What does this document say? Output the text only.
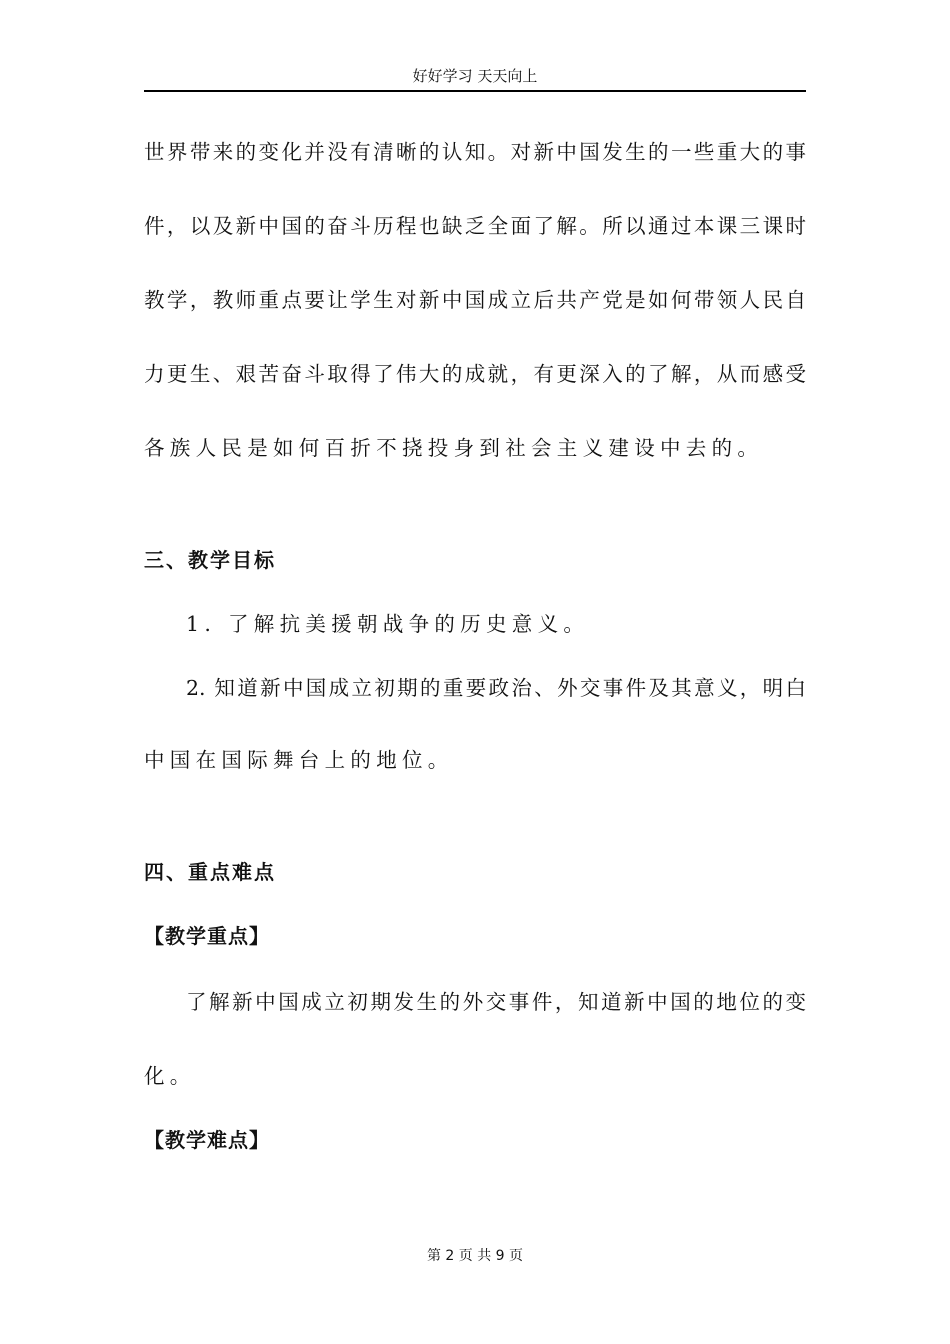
好好学习 天天向上
世界带来的变化并没有清晰的认知。对新中国发生的一些重大的事
件，以及新中国的奋斗历程也缺乏全面了解。所以通过本课三课时
教学，教师重点要让学生对新中国成立后共产党是如何带领人民自
力更生、艰苦奋斗取得了伟大的成就，有更深入的了解，从而感受
各族人民是如何百折不挠投身到社会主义建设中去的。
三、教学目标
1. 了解抗美援朝战争的历史意义。
2. 知道新中国成立初期的重要政治、外交事件及其意义，明白
中国在国际舞台上的地位。
四、重点难点
【教学重点】
了解新中国成立初期发生的外交事件，知道新中国的地位的变
化。
【教学难点】
第 2 页 共 9 页
